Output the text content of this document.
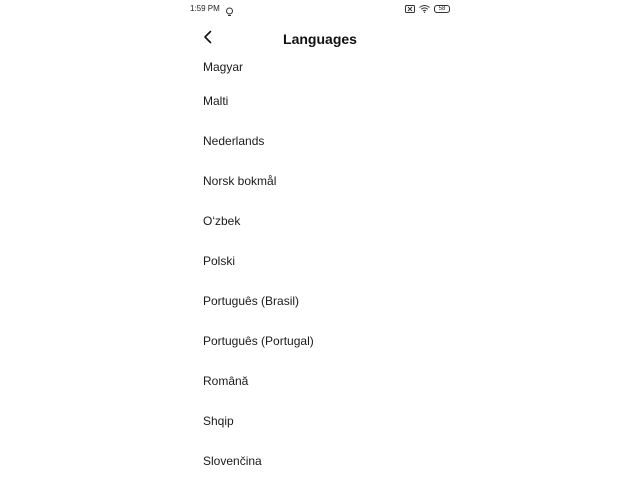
1:59 PM	58
Languages
Magyar
Malti
Nederlands
Norsk bokmål
O‘zbek
Polski
Português (Brasil)
Português (Portugal)
Română
Shqip
Slovenčina
